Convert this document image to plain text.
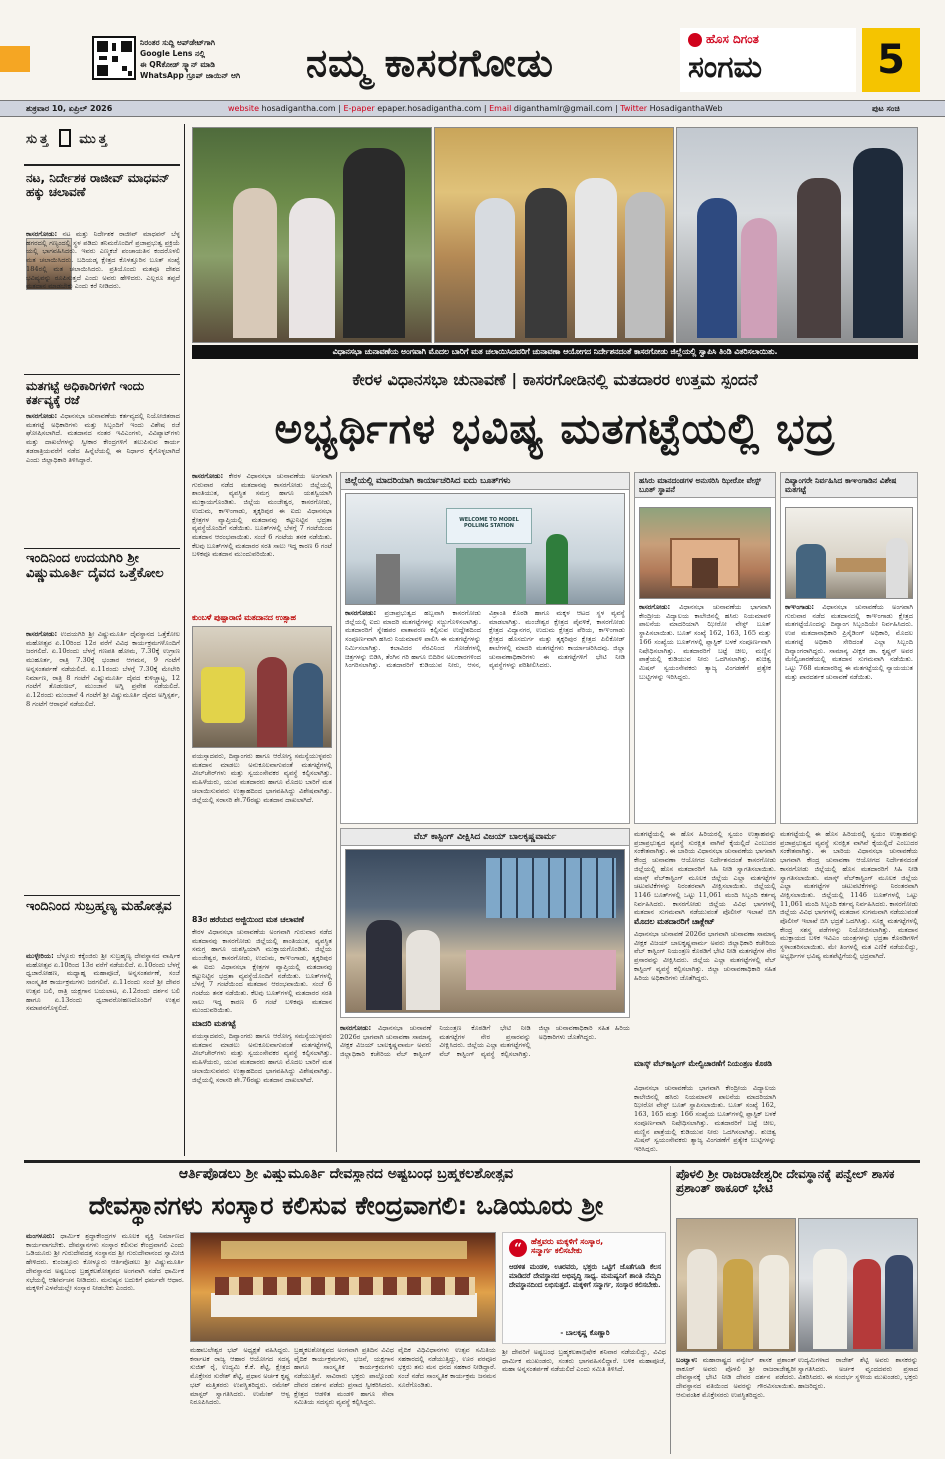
ನಿರಂತರ ಸುದ್ದಿ ಅಪ್‌ಡೇಟ್‌ಗಾಗಿ
Google Lens ನಲ್ಲಿ
ಈ QRಕೋಡ್ ಸ್ಕ್ಯಾನ್ ಮಾಡಿ
WhatsApp ಗ್ರೂಪ್ ಜಾಯಿನ್ ಆಗಿ	ನಮ್ಮ ಕಾಸರಗೋಡು
ಹೊಸ ದಿಗಂತ
ಸಂಗಮ	5
ಶುಕ್ರವಾರ 10, ಏಪ್ರಿಲ್ 2026	website hosadigantha.com | E-paper epaper.hosadigantha.com | Email diganthamlr@gmail.com | Twitter HosadiganthaWeb	ಪುಟ ಸಂಚಿ
ಸುತ್ತ ಮುತ್ತ
ನಟ, ನಿರ್ದೇಶಕ ರಾಜೀವ್ ಮಾಧವನ್ ಹಕ್ಕು ಚಲಾವಣೆ
ಕಾಸರಗೋಡು: ನಟ ಮತ್ತು ನಿರ್ದೇಶಕ ರಾಜೀವ್ ಮಾಧವನ್ ಬೆಳ್ಳ ಹಗರದಲ್ಲಿ ಗಣ್ಯಂದಲ್ಲಿ ಸ್ಥಳ ಪಡಿದು ತನಿಮರೊಂದಿಗೆ ಪ್ರಜಾಪ್ರಭುತ್ವ ಪ್ರಕ್ರಿಯೆ ಯಲ್ಲಿ ಭಾಗವಹಿಸಿದರು. ಇವರು ಎಣ್ಮಕಜೆ ಪಂಚಾಯತಿನ ಕಂದರೊಳಲಿ ಮತ ಚಲಾಯಿಸಿದರು. ಬದಿಯಡ್ಕ ಕ್ಷೇತ್ರದ ಕೊಳತ್ತೂರಿನ ಬೂತ್ ಸಂಖ್ಯೆ 184ರಲ್ಲಿ ಮತ ಚಲಾಯಿಸಿದರು. ಪ್ರತಿಯೊಂದು ಮತವೂ ದೇಶದ ಭವಿಷ್ಯವನ್ನು ರೂಪಿಸುತ್ತದೆ ಎಂದು ಅವರು ಹೇಳಿದರು. ಎಲ್ಲರೂ ತಪ್ಪದೆ ಮತದಾನ ಮಾಡಬೇಕು ಎಂದು ಕರೆ ನೀಡಿದರು.
ಮತಗಟ್ಟೆ ಅಧಿಕಾರಿಗಳಿಗೆ ಇಂದು ಕರ್ತವ್ಯಕ್ಕೆ ರಜೆ
ಕಾಸರಗೋಡು: ವಿಧಾನಸಭಾ ಚುನಾವಣೆಯ ಕರ್ತವ್ಯದಲ್ಲಿ ನಿಯೋಜಿತರಾದ ಮತಗಟ್ಟೆ ಅಧಿಕಾರಿಗಳು ಮತ್ತು ಸಿಬ್ಬಂದಿಗೆ ಇಂದು ವಿಶೇಷ ರಜೆ ಘೋಷಿಸಲಾಗಿದೆ. ಮತದಾನದ ನಂತರ ಇವಿಎಂಗಳು, ವಿವಿಪ್ಯಾಟ್‌ಗಳು ಮತ್ತು ದಾಖಲೆಗಳನ್ನು ಸ್ವೀಕಾರ ಕೇಂದ್ರಗಳಿಗೆ ತಲುಪಿಸುವ ಕಾರ್ಯ ತಡರಾತ್ರಿಯವರೆಗೆ ನಡೆದ ಹಿನ್ನೆಲೆಯಲ್ಲಿ ಈ ನಿರ್ಧಾರ ಕೈಗೊಳ್ಳಲಾಗಿದೆ ಎಂದು ಜಿಲ್ಲಾಧಿಕಾರಿ ತಿಳಿಸಿದ್ದಾರೆ.
ಇಂದಿನಿಂದ ಉದಯಗಿರಿ ಶ್ರೀ ವಿಷ್ಣುಮೂರ್ತಿ ದೈವದ ಒತ್ತೆಕೋಲ
ಕಾಸರಗೋಡು: ಉದಯಗಿರಿ ಶ್ರೀ ವಿಷ್ಣುಮೂರ್ತಿ ದೈವಸ್ಥಾನದ ಒತ್ತೆಕೋಲ ಮಹೋತ್ಸವ ಏ.10ರಿಂದ 12ರ ವರೆಗೆ ವಿವಿಧ ಕಾರ್ಯಕ್ರಮಗಳೊಂದಿಗೆ ಜರಗಲಿದೆ. ಏ.10ರಂದು ಬೆಳಗ್ಗೆ ಗಣಪತಿ ಹೋಮ, 7.30ಕ್ಕೆ ಉಗ್ರಾಣ ಮುಹೂರ್ತ, ರಾತ್ರಿ 7.30ಕ್ಕೆ ಭಂಡಾರ ಆಗಮನ, 9 ಗಂಟೆಗೆ ಅನ್ನಸಂತರ್ಪಣೆ ನಡೆಯಲಿದೆ. ಏ.11ರಂದು ಬೆಳಗ್ಗೆ 7.30ಕ್ಕೆ ಮೇಲೇರಿ ನಿರ್ಮಾಣ, ರಾತ್ರಿ 8 ಗಂಟೆಗೆ ವಿಷ್ಣುಮೂರ್ತಿ ದೈವದ ಕುಳಿಚ್ಚಾಟ್ಟ, 12 ಗಂಟೆಗೆ ತೊಡಂಙಲ್, ಮುಂಜಾನೆ ಅಗ್ನಿ ಪ್ರವೇಶ ನಡೆಯಲಿದೆ. ಏ.12ರಂದು ಮುಂಜಾನೆ 4 ಗಂಟೆಗೆ ಶ್ರೀ ವಿಷ್ಣುಮೂರ್ತಿ ದೈವದ ಅಗ್ನಿಸ್ಪರ್ಶ, 8 ಗಂಟೆಗೆ ಆರಾಧನೆ ನಡೆಯಲಿದೆ.
ಇಂದಿನಿಂದ ಸುಬ್ರಹ್ಮಣ್ಯ ಮಹೋತ್ಸವ
ಮುಳ್ಳೇರಿಯ: ಬೆಳ್ಳೂರು ಕಕ್ಕೆಂಜಿರು ಶ್ರೀ ಸುಬ್ರಹ್ಮಣ್ಯ ದೇವಸ್ಥಾನದ ವಾರ್ಷಿಕ ಮಹೋತ್ಸವ ಏ.10ರಿಂದ 13ರ ವರೆಗೆ ನಡೆಯಲಿದೆ. ಏ.10ರಂದು ಬೆಳಗ್ಗೆ ಧ್ವಜಾರೋಹಣ, ಮಧ್ಯಾಹ್ನ ಮಹಾಪೂಜೆ, ಅನ್ನಸಂತರ್ಪಣೆ, ಸಂಜೆ ಸಾಂಸ್ಕೃತಿಕ ಕಾರ್ಯಕ್ರಮಗಳು ಜರಗಲಿವೆ. ಏ.11ರಂದು ಸಂಜೆ ಶ್ರೀ ದೇವರ ಉತ್ಸವ ಬಲಿ, ರಾತ್ರಿ ಯಕ್ಷಗಾನ ಬಯಲಾಟ, ಏ.12ರಂದು ದರ್ಶನ ಬಲಿ ಹಾಗೂ ಏ.13ರಂದು ಧ್ವಜಾವರೋಹಣದೊಂದಿಗೆ ಉತ್ಸವ ಸಮಾಪನಗೊಳ್ಳಲಿದೆ.
ವಿಧಾನಸಭಾ ಚುನಾವಣೆಯ ಅಂಗವಾಗಿ ಮೊದಲ ಬಾರಿಗೆ ಮತ ಚಲಾಯಿಸಿದವರಿಗೆ ಚುನಾವಣಾ ಆಯೋಗದ ನಿರ್ದೇಶನದಂತೆ ಕಾಸರಗೋಡು ಜಿಲ್ಲೆಯಲ್ಲಿ ಸ್ವಾಪಿಸಿ ತಿಂಡಿ ವಿತರಿಸಲಾಯಿತು.
ಕೇರಳ ವಿಧಾನಸಭಾ ಚುನಾವಣೆ | ಕಾಸರಗೋಡಿನಲ್ಲಿ ಮತದಾರರ ಉತ್ತಮ ಸ್ಪಂದನೆ
ಅಭ್ಯರ್ಥಿಗಳ ಭವಿಷ್ಯ ಮತಗಟ್ಟೆಯಲ್ಲಿ ಭದ್ರ
ಕಾಸರಗೋಡು: ಕೇರಳ ವಿಧಾನಸಭಾ ಚುನಾವಣೆಯ ಅಂಗವಾಗಿ ಗುರುವಾರ ನಡೆದ ಮತದಾನವು ಕಾಸರಗೋಡು ಜಿಲ್ಲೆಯಲ್ಲಿ ಶಾಂತಿಯುತ, ವ್ಯವಸ್ಥಿತ ಸಮಗ್ರ ಹಾಗೂ ಯಶಸ್ವಿಯಾಗಿ ಮುಕ್ತಾಯಗೊಂಡಿತು. ಜಿಲ್ಲೆಯ ಮಂಜೇಶ್ವರ, ಕಾಸರಗೋಡು, ಉದುಮ, ಕಾಞಂಗಾಡು, ತೃಕ್ಕರಿಪುರ ಈ ಐದು ವಿಧಾನಸಭಾ ಕ್ಷೇತ್ರಗಳ ವ್ಯಾಪ್ತಿಯಲ್ಲಿ ಮತದಾನವು ಕಟ್ಟುನಿಟ್ಟಿನ ಭದ್ರತಾ ವ್ಯವಸ್ಥೆಯೊಂದಿಗೆ ನಡೆಯಿತು. ಬೂತ್‌ಗಳಲ್ಲಿ ಬೆಳಗ್ಗೆ 7 ಗಂಟೆಯಿಂದ ಮತದಾನ ಆರಂಭವಾಯಿತು. ಸಂಜೆ 6 ಗಂಟೆಯ ತನಕ ನಡೆಯಿತು. ಕೆಲವು ಬೂತ್‌ಗಳಲ್ಲಿ ಮತದಾರರ ಸರತಿ ಸಾಲು ಇದ್ದ ಕಾರಣ 6 ಗಂಟೆ ಬಳಿಕವೂ ಮತದಾನ ಮುಂದುವರಿಯಿತು.
ಕುಂಬಳೆ ಪುಷ್ಪಾರಾಣಿ ಮತದಾನದ ಉತ್ಸಾಹ
ವಯಸ್ಸಾದವರು, ದಿವ್ಯಾಂಗರು ಹಾಗೂ ಆರೋಗ್ಯ ಸಮಸ್ಯೆಯುಳ್ಳವರು ಮತದಾನ ಮಾಡಲು ಅನುಕೂಲವಾಗುವಂತೆ ಮತಗಟ್ಟೆಗಳಲ್ಲಿ ವೀಲ್‌ಚೇರ್‌ಗಳು ಮತ್ತು ಸ್ವಯಂಸೇವಕರ ವ್ಯವಸ್ಥೆ ಕಲ್ಪಿಸಲಾಗಿತ್ತು. ಮಹಿಳೆಯರು, ಯುವ ಮತದಾರರು ಹಾಗೂ ಮೊದಲ ಬಾರಿಗೆ ಮತ ಚಲಾಯಿಸುವವರು ಉತ್ಸಾಹದಿಂದ ಭಾಗವಹಿಸಿದ್ದು ವಿಶೇಷವಾಗಿತ್ತು. ಜಿಲ್ಲೆಯಲ್ಲಿ ಸರಾಸರಿ ಶೇ.76ರಷ್ಟು ಮತದಾನ ದಾಖಲಾಗಿದೆ.
83ರ ಹರೆಯದ ಅಜ್ಜಿಯಿಂದ ಮತ ಚಲಾವಣೆ
ಕೇರಳ ವಿಧಾನಸಭಾ ಚುನಾವಣೆಯ ಅಂಗವಾಗಿ ಗುರುವಾರ ನಡೆದ ಮತದಾನವು ಕಾಸರಗೋಡು ಜಿಲ್ಲೆಯಲ್ಲಿ ಶಾಂತಿಯುತ, ವ್ಯವಸ್ಥಿತ ಸಮಗ್ರ ಹಾಗೂ ಯಶಸ್ವಿಯಾಗಿ ಮುಕ್ತಾಯಗೊಂಡಿತು. ಜಿಲ್ಲೆಯ ಮಂಜೇಶ್ವರ, ಕಾಸರಗೋಡು, ಉದುಮ, ಕಾಞಂಗಾಡು, ತೃಕ್ಕರಿಪುರ ಈ ಐದು ವಿಧಾನಸಭಾ ಕ್ಷೇತ್ರಗಳ ವ್ಯಾಪ್ತಿಯಲ್ಲಿ ಮತದಾನವು ಕಟ್ಟುನಿಟ್ಟಿನ ಭದ್ರತಾ ವ್ಯವಸ್ಥೆಯೊಂದಿಗೆ ನಡೆಯಿತು. ಬೂತ್‌ಗಳಲ್ಲಿ ಬೆಳಗ್ಗೆ 7 ಗಂಟೆಯಿಂದ ಮತದಾನ ಆರಂಭವಾಯಿತು. ಸಂಜೆ 6 ಗಂಟೆಯ ತನಕ ನಡೆಯಿತು. ಕೆಲವು ಬೂತ್‌ಗಳಲ್ಲಿ ಮತದಾರರ ಸರತಿ ಸಾಲು ಇದ್ದ ಕಾರಣ 6 ಗಂಟೆ ಬಳಿಕವೂ ಮತದಾನ ಮುಂದುವರಿಯಿತು.
ಮಾದರಿ ಮತಗಟ್ಟೆ
ವಯಸ್ಸಾದವರು, ದಿವ್ಯಾಂಗರು ಹಾಗೂ ಆರೋಗ್ಯ ಸಮಸ್ಯೆಯುಳ್ಳವರು ಮತದಾನ ಮಾಡಲು ಅನುಕೂಲವಾಗುವಂತೆ ಮತಗಟ್ಟೆಗಳಲ್ಲಿ ವೀಲ್‌ಚೇರ್‌ಗಳು ಮತ್ತು ಸ್ವಯಂಸೇವಕರ ವ್ಯವಸ್ಥೆ ಕಲ್ಪಿಸಲಾಗಿತ್ತು. ಮಹಿಳೆಯರು, ಯುವ ಮತದಾರರು ಹಾಗೂ ಮೊದಲ ಬಾರಿಗೆ ಮತ ಚಲಾಯಿಸುವವರು ಉತ್ಸಾಹದಿಂದ ಭಾಗವಹಿಸಿದ್ದು ವಿಶೇಷವಾಗಿತ್ತು. ಜಿಲ್ಲೆಯಲ್ಲಿ ಸರಾಸರಿ ಶೇ.76ರಷ್ಟು ಮತದಾನ ದಾಖಲಾಗಿದೆ.
ಜಿಲ್ಲೆಯಲ್ಲಿ ಮಾದರಿಯಾಗಿ ಕಾರ್ಯಾಚರಿಸಿದ ಐದು ಬೂತ್‌ಗಳು
WELCOME TO MODEL POLLING STATION
ಕಾಸರಗೋಡು: ಪ್ರಜಾಪ್ರಭುತ್ವದ ಹಬ್ಬವಾಗಿ ಕಾಸರಗೋಡು ಜಿಲ್ಲೆಯಲ್ಲಿ ಐದು ಮಾದರಿ ಮತಗಟ್ಟೆಗಳನ್ನು ಸಜ್ಜುಗೊಳಿಸಲಾಗಿತ್ತು. ಮತದಾರರಿಗೆ ಸ್ನೇಹಪರ ವಾತಾವರಣ ಕಲ್ಪಿಸುವ ಉದ್ದೇಶದಿಂದ ಸಂಪೂರ್ಣವಾಗಿ ಹಸಿರು ನಿಯಮಾವಳಿ ಪಾಲಿಸಿ ಈ ಮತಗಟ್ಟೆಗಳನ್ನು ನಿರ್ಮಿಸಲಾಗಿತ್ತು. ಕಲಾವಿದರ ನೆರವಿನಿಂದ ಗೋಡೆಗಳಲ್ಲಿ ಚಿತ್ರಗಳನ್ನು ಬಿಡಿಸಿ, ತೆಂಗಿನ ಗರಿ ಹಾಗೂ ಬಿದಿರಿನ ಅಲಂಕಾರಗಳಿಂದ ಸಿಂಗರಿಸಲಾಗಿತ್ತು. ಮತದಾರರಿಗೆ ಕುಡಿಯುವ ನೀರು, ಆಸನ, ವಿಶ್ರಾಂತಿ ಕೊಠಡಿ ಹಾಗೂ ಮಕ್ಕಳ ಆಟದ ಸ್ಥಳ ವ್ಯವಸ್ಥೆ ಮಾಡಲಾಗಿತ್ತು. ಮಂಜೇಶ್ವರ ಕ್ಷೇತ್ರದ ಪೈವಳಿಕೆ, ಕಾಸರಗೋಡು ಕ್ಷೇತ್ರದ ವಿದ್ಯಾನಗರ, ಉದುಮ ಕ್ಷೇತ್ರದ ಪೆರಿಯ, ಕಾಞಂಗಾಡು ಕ್ಷೇತ್ರದ ಹೊಸದುರ್ಗ ಮತ್ತು ತೃಕ್ಕರಿಪುರ ಕ್ಷೇತ್ರದ ಪಿಲಿಕೋಡ್ ಶಾಲೆಗಳಲ್ಲಿ ಮಾದರಿ ಮತಗಟ್ಟೆಗಳು ಕಾರ್ಯಾಚರಿಸಿದವು. ಜಿಲ್ಲಾ ಚುನಾವಣಾಧಿಕಾರಿಗಳು ಈ ಮತಗಟ್ಟೆಗಳಿಗೆ ಭೇಟಿ ನೀಡಿ ವ್ಯವಸ್ಥೆಗಳನ್ನು ಪರಿಶೀಲಿಸಿದರು.
ಹಸಿರು ಮಾನದಂಡಗಳ ಅನುಸರಿಸಿ ಝೀರೋ ವೇಸ್ಟ್ ಬೂತ್ ಸ್ಥಾಪನೆ
ಕಾಸರಗೋಡು: ವಿಧಾನಸಭಾ ಚುನಾವಣೆಯ ಭಾಗವಾಗಿ ಕೇಂದ್ರೀಯ ವಿದ್ಯಾಲಯ ಕಾಲೇಜಿನಲ್ಲಿ ಹಸಿರು ನಿಯಮಾವಳಿ ಪಾಲನೆಯ ಮಾದರಿಯಾಗಿ ಝೀರೋ ವೇಸ್ಟ್ ಬೂತ್ ಸ್ಥಾಪಿಸಲಾಯಿತು. ಬೂತ್ ಸಂಖ್ಯೆ 162, 163, 165 ಮತ್ತು 166 ಸಂಖ್ಯೆಯ ಬೂತ್‌ಗಳಲ್ಲಿ ಪ್ಲಾಸ್ಟಿಕ್ ಬಳಕೆ ಸಂಪೂರ್ಣವಾಗಿ ನಿಷೇಧಿಸಲಾಗಿತ್ತು. ಮತದಾರರಿಗೆ ಬಟ್ಟೆ ಚೀಲ, ಮಣ್ಣಿನ ಪಾತ್ರೆಯಲ್ಲಿ ಕುಡಿಯುವ ನೀರು ಒದಗಿಸಲಾಗಿತ್ತು. ಶುಚಿತ್ವ ಮಿಷನ್ ಸ್ವಯಂಸೇವಕರು ತ್ಯಾಜ್ಯ ವಿಂಗಡಣೆಗೆ ಪ್ರತ್ಯೇಕ ಬುಟ್ಟಿಗಳನ್ನು ಇರಿಸಿದ್ದರು.
ದಿವ್ಯಾಂಗರೇ ನಿರ್ವಹಿಸಿದ ಕಾಞಂಗಾಡಿನ ವಿಶೇಷ ಮತಗಟ್ಟೆ
ಕಾಞಂಗಾಡು: ವಿಧಾನಸಭಾ ಚುನಾವಣೆಯ ಅಂಗವಾಗಿ ಗುರುವಾರ ನಡೆದ ಮತದಾನದಲ್ಲಿ ಕಾಞಂಗಾಡು ಕ್ಷೇತ್ರದ ಮತಗಟ್ಟೆಯೊಂದನ್ನು ದಿವ್ಯಾಂಗ ಸಿಬ್ಬಂದಿಯೇ ನಿರ್ವಹಿಸಿದರು. ಉಪ ಮತದಾನಾಧಿಕಾರಿ ಪ್ರಿಸೈಡಿಂಗ್ ಅಧಿಕಾರಿ, ಮೊದಲ ಮತಗಟ್ಟೆ ಅಧಿಕಾರಿ ಸೇರಿದಂತೆ ಎಲ್ಲಾ ಸಿಬ್ಬಂದಿ ದಿವ್ಯಾಂಗರಾಗಿದ್ದರು. ಸಾಮಾನ್ಯ ವೀಕ್ಷಕ ಡಾ. ಕೃಷ್ಣನ್ ಅವರ ಮೇಲ್ವಿಚಾರಣೆಯಲ್ಲಿ ಮತದಾನ ಸುಗಮವಾಗಿ ನಡೆಯಿತು. ಒಟ್ಟು 768 ಮತದಾರರಿದ್ದ ಈ ಮತಗಟ್ಟೆಯಲ್ಲಿ ನ್ಯಾಯಯುತ ಮತ್ತು ಪಾರದರ್ಶಕ ಚುನಾವಣೆ ನಡೆಯಿತು.
ವೆಬ್ ಕಾಸ್ಟಿಂಗ್ ವೀಕ್ಷಿಸಿದ ವಿಜಯ್ ಬಾಲಕೃಷ್ಣವಾರ್ಮ
ಕಾಸರಗೋಡು: ವಿಧಾನಸಭಾ ಚುನಾವಣೆ 2026ರ ಭಾಗವಾಗಿ ಚುನಾವಣಾ ಸಾಮಾನ್ಯ ವೀಕ್ಷಕ ವಿಜಯ್ ಬಾಲಕೃಷ್ಣವಾರ್ಮ ಅವರು ಜಿಲ್ಲಾಧಿಕಾರಿ ಕಚೇರಿಯ ವೆಬ್ ಕಾಸ್ಟಿಂಗ್ ನಿಯಂತ್ರಣ ಕೊಠಡಿಗೆ ಭೇಟಿ ನೀಡಿ ಮತಗಟ್ಟೆಗಳ ನೇರ ಪ್ರಸಾರವನ್ನು ವೀಕ್ಷಿಸಿದರು. ಜಿಲ್ಲೆಯ ಎಲ್ಲಾ ಮತಗಟ್ಟೆಗಳಲ್ಲಿ ವೆಬ್ ಕಾಸ್ಟಿಂಗ್ ವ್ಯವಸ್ಥೆ ಕಲ್ಪಿಸಲಾಗಿತ್ತು. ಜಿಲ್ಲಾ ಚುನಾವಣಾಧಿಕಾರಿ ಸಹಿತ ಹಿರಿಯ ಅಧಿಕಾರಿಗಳು ಜೊತೆಗಿದ್ದರು.
ಮತಗಟ್ಟೆಯಲ್ಲಿ ಈ ಹೊಸ ಹಿರಿಯರಲ್ಲಿ ಸ್ವಯಂ ಉತ್ಸಾಹವನ್ನು ಪ್ರಜಾಪ್ರಭುತ್ವದ ವ್ಯವಸ್ಥೆ ಸುರಕ್ಷಿತ ವಾಗಿವೆ ಕೈಯಲ್ಲಿದೆ ಎಂಬುದರ ಸಂಕೇತವಾಗಿತ್ತು. ಈ ಬಾರಿಯ ವಿಧಾನಸಭಾ ಚುನಾವಣೆಯ ಭಾಗವಾಗಿ ಕೇಂದ್ರ ಚುನಾವಣಾ ಆಯೋಗದ ನಿರ್ದೇಶನದಂತೆ ಕಾಸರಗೋಡು ಜಿಲ್ಲೆಯಲ್ಲಿ ಹೊಸ ಮತದಾರರಿಗೆ ಸಿಹಿ ನೀಡಿ ಸ್ವಾಗತಿಸಲಾಯಿತು. ಮಾಸ್ಕ್ ವೆಬ್‌ಕಾಸ್ಟಿಂಗ್ ಮೂಲಕ ಜಿಲ್ಲೆಯ ಎಲ್ಲಾ ಮತಗಟ್ಟೆಗಳ ಚಟುವಟಿಕೆಗಳನ್ನು ನಿರಂತರವಾಗಿ ವೀಕ್ಷಿಸಲಾಯಿತು. ಜಿಲ್ಲೆಯಲ್ಲಿ 1146 ಬೂತ್‌ಗಳಲ್ಲಿ ಒಟ್ಟು 11,061 ಮಂದಿ ಸಿಬ್ಬಂದಿ ಕರ್ತವ್ಯ ನಿರ್ವಹಿಸಿದರು. ಕಾಸರಗೋಡು ಜಿಲ್ಲೆಯ ವಿವಿಧ ಭಾಗಗಳಲ್ಲಿ ಮತದಾನ ಸುಗಮವಾಗಿ ನಡೆಯುವಂತೆ ಪೊಲೀಸ್ ಇಲಾಖೆ ಬಿಗಿ
ಮೊದಲ ಮತದಾರರಿಗೆ ಚಾಕ್ಲೇಟ್
ವಿಧಾನಸಭಾ ಚುನಾವಣೆ 2026ರ ಭಾಗವಾಗಿ ಚುನಾವಣಾ ಸಾಮಾನ್ಯ ವೀಕ್ಷಕ ವಿಜಯ್ ಬಾಲಕೃಷ್ಣವಾರ್ಮ ಅವರು ಜಿಲ್ಲಾಧಿಕಾರಿ ಕಚೇರಿಯ ವೆಬ್ ಕಾಸ್ಟಿಂಗ್ ನಿಯಂತ್ರಣ ಕೊಠಡಿಗೆ ಭೇಟಿ ನೀಡಿ ಮತಗಟ್ಟೆಗಳ ನೇರ ಪ್ರಸಾರವನ್ನು ವೀಕ್ಷಿಸಿದರು. ಜಿಲ್ಲೆಯ ಎಲ್ಲಾ ಮತಗಟ್ಟೆಗಳಲ್ಲಿ ವೆಬ್ ಕಾಸ್ಟಿಂಗ್ ವ್ಯವಸ್ಥೆ ಕಲ್ಪಿಸಲಾಗಿತ್ತು. ಜಿಲ್ಲಾ ಚುನಾವಣಾಧಿಕಾರಿ ಸಹಿತ ಹಿರಿಯ ಅಧಿಕಾರಿಗಳು ಜೊತೆಗಿದ್ದರು.
ಮಾಸ್ಕ್ ವೆಬ್‌ಕಾಸ್ಟಿಂಗ್ ಮೇಲ್ವಿಚಾರಣೆಗೆ ನಿಯಂತ್ರಣ ಕೊಠಡಿ
ವಿಧಾನಸಭಾ ಚುನಾವಣೆಯ ಭಾಗವಾಗಿ ಕೇಂದ್ರೀಯ ವಿದ್ಯಾಲಯ ಕಾಲೇಜಿನಲ್ಲಿ ಹಸಿರು ನಿಯಮಾವಳಿ ಪಾಲನೆಯ ಮಾದರಿಯಾಗಿ ಝೀರೋ ವೇಸ್ಟ್ ಬೂತ್ ಸ್ಥಾಪಿಸಲಾಯಿತು. ಬೂತ್ ಸಂಖ್ಯೆ 162, 163, 165 ಮತ್ತು 166 ಸಂಖ್ಯೆಯ ಬೂತ್‌ಗಳಲ್ಲಿ ಪ್ಲಾಸ್ಟಿಕ್ ಬಳಕೆ ಸಂಪೂರ್ಣವಾಗಿ ನಿಷೇಧಿಸಲಾಗಿತ್ತು. ಮತದಾರರಿಗೆ ಬಟ್ಟೆ ಚೀಲ, ಮಣ್ಣಿನ ಪಾತ್ರೆಯಲ್ಲಿ ಕುಡಿಯುವ ನೀರು ಒದಗಿಸಲಾಗಿತ್ತು. ಶುಚಿತ್ವ ಮಿಷನ್ ಸ್ವಯಂಸೇವಕರು ತ್ಯಾಜ್ಯ ವಿಂಗಡಣೆಗೆ ಪ್ರತ್ಯೇಕ ಬುಟ್ಟಿಗಳನ್ನು ಇರಿಸಿದ್ದರು.
ಮತಗಟ್ಟೆಯಲ್ಲಿ ಈ ಹೊಸ ಹಿರಿಯರಲ್ಲಿ ಸ್ವಯಂ ಉತ್ಸಾಹವನ್ನು ಪ್ರಜಾಪ್ರಭುತ್ವದ ವ್ಯವಸ್ಥೆ ಸುರಕ್ಷಿತ ವಾಗಿವೆ ಕೈಯಲ್ಲಿದೆ ಎಂಬುದರ ಸಂಕೇತವಾಗಿತ್ತು. ಈ ಬಾರಿಯ ವಿಧಾನಸಭಾ ಚುನಾವಣೆಯ ಭಾಗವಾಗಿ ಕೇಂದ್ರ ಚುನಾವಣಾ ಆಯೋಗದ ನಿರ್ದೇಶನದಂತೆ ಕಾಸರಗೋಡು ಜಿಲ್ಲೆಯಲ್ಲಿ ಹೊಸ ಮತದಾರರಿಗೆ ಸಿಹಿ ನೀಡಿ ಸ್ವಾಗತಿಸಲಾಯಿತು. ಮಾಸ್ಕ್ ವೆಬ್‌ಕಾಸ್ಟಿಂಗ್ ಮೂಲಕ ಜಿಲ್ಲೆಯ ಎಲ್ಲಾ ಮತಗಟ್ಟೆಗಳ ಚಟುವಟಿಕೆಗಳನ್ನು ನಿರಂತರವಾಗಿ ವೀಕ್ಷಿಸಲಾಯಿತು. ಜಿಲ್ಲೆಯಲ್ಲಿ 1146 ಬೂತ್‌ಗಳಲ್ಲಿ ಒಟ್ಟು 11,061 ಮಂದಿ ಸಿಬ್ಬಂದಿ ಕರ್ತವ್ಯ ನಿರ್ವಹಿಸಿದರು. ಕಾಸರಗೋಡು ಜಿಲ್ಲೆಯ ವಿವಿಧ ಭಾಗಗಳಲ್ಲಿ ಮತದಾನ ಸುಗಮವಾಗಿ ನಡೆಯುವಂತೆ ಪೊಲೀಸ್ ಇಲಾಖೆ ಬಿಗಿ ಭದ್ರತೆ ಒದಗಿಸಿತ್ತು. ಸೂಕ್ಷ್ಮ ಮತಗಟ್ಟೆಗಳಲ್ಲಿ ಕೇಂದ್ರ ಸಶಸ್ತ್ರ ಪಡೆಗಳನ್ನು ನಿಯೋಜಿಸಲಾಗಿತ್ತು. ಮತದಾನ ಮುಕ್ತಾಯದ ಬಳಿಕ ಇವಿಎಂ ಯಂತ್ರಗಳನ್ನು ಭದ್ರತಾ ಕೊಠಡಿಗಳಿಗೆ ಸ್ಥಳಾಂತರಿಸಲಾಯಿತು. ಮೇ ತಿಂಗಳಲ್ಲಿ ಮತ ಎಣಿಕೆ ನಡೆಯಲಿದ್ದು, ಅಭ್ಯರ್ಥಿಗಳ ಭವಿಷ್ಯ ಮತಪೆಟ್ಟಿಗೆಯಲ್ಲಿ ಭದ್ರವಾಗಿದೆ.
ಆರ್ತಿಪೊಡಲು ಶ್ರೀ ವಿಷ್ಣುಮೂರ್ತಿ ದೇವಸ್ಥಾನದ ಅಷ್ಟಬಂಧ ಬ್ರಹ್ಮಕಲಶೋತ್ಸವ
ದೇವಸ್ಥಾನಗಳು ಸಂಸ್ಕಾರ ಕಲಿಸುವ ಕೇಂದ್ರವಾಗಲಿ: ಒಡಿಯೂರು ಶ್ರೀ
ಮಂಗಳೂರು: ಧಾರ್ಮಿಕ ಶ್ರದ್ಧಾಕೇಂದ್ರಗಳ ಮೂಲಕ ವ್ಯಕ್ತಿ ನಿರ್ಮಾಣದ ಕಾರ್ಯವಾಗಬೇಕು. ದೇವಸ್ಥಾನಗಳು ಸಂಸ್ಕಾರ ಕಲಿಸುವ ಕೇಂದ್ರವಾಗಲಿ ಎಂದು ಒಡಿಯೂರು ಶ್ರೀ ಗುರುದೇವದತ್ತ ಸಂಸ್ಥಾನದ ಶ್ರೀ ಗುರುದೇವಾನಂದ ಸ್ವಾಮೀಜಿ ಹೇಳಿದರು. ಕುಂಜತ್ತೂರು ಕೋಳ್ಯೂರು ಆರ್ತಿಪೊಡಲು ಶ್ರೀ ವಿಷ್ಣುಮೂರ್ತಿ ದೇವಸ್ಥಾನದ ಅಷ್ಟಬಂಧ ಬ್ರಹ್ಮಕಲಶೋತ್ಸವದ ಅಂಗವಾಗಿ ನಡೆದ ಧಾರ್ಮಿಕ ಸಭೆಯಲ್ಲಿ ಆಶೀರ್ವಚನ ನೀಡಿದರು. ಮನುಷ್ಯನ ಬದುಕಿಗೆ ಧರ್ಮವೇ ಆಧಾರ. ಮಕ್ಕಳಿಗೆ ಎಳವೆಯಲ್ಲೇ ಸಂಸ್ಕಾರ ನೀಡಬೇಕು ಎಂದರು.
ಮಹಾಬಲೇಶ್ವರ ಭಟ್ ಅಧ್ಯಕ್ಷತೆ ವಹಿಸಿದ್ದರು. ಕರ್ನಾಟಕ ರಾಜ್ಯ ಆಹಾರ ಆಯೋಗದ ಸದಸ್ಯ ಸುಜಿತ್ ರೈ, ಉದ್ಯಮಿ ಕೆ.ಕೆ. ಶೆಟ್ಟಿ, ಕ್ಷೇತ್ರದ ಮೊಕ್ತೇಸರ ಸುರೇಶ್ ಶೆಟ್ಟಿ, ಪ್ರಧಾನ ಅರ್ಚಕ ಕೃಷ್ಣ ಭಟ್ ಮತ್ತಿತರರು ಉಪಸ್ಥಿತರಿದ್ದರು. ರಮೇಶ್ ಮಾಸ್ಟರ್ ಸ್ವಾಗತಿಸಿದರು. ಉಮೇಶ್ ಆಳ್ವ ನಿರೂಪಿಸಿದರು.
ಬ್ರಹ್ಮಕಲಶೋತ್ಸವದ ಅಂಗವಾಗಿ ಪ್ರತಿದಿನ ವಿವಿಧ ವೈದಿಕ ಕಾರ್ಯಕ್ರಮಗಳು, ಭಜನೆ, ಯಕ್ಷಗಾನ ಹಾಗೂ ಸಾಂಸ್ಕೃತಿಕ ಕಾರ್ಯಕ್ರಮಗಳು ನಡೆಯುತ್ತಿವೆ. ಸಾವಿರಾರು ಭಕ್ತರು ಪಾಲ್ಗೊಂಡು ದೇವರ ದರ್ಶನ ಪಡೆದು ಪ್ರಸಾದ ಸ್ವೀಕರಿಸಿದರು. ಕ್ಷೇತ್ರದ ಆಡಳಿತ ಮಂಡಳಿ ಹಾಗೂ ಸೇವಾ ಸಮಿತಿಯ ಸದಸ್ಯರು ವ್ಯವಸ್ಥೆ ಕಲ್ಪಿಸಿದ್ದರು.
ವೈದಿಕ ವಿಧಿವಿಧಾನಗಳು ಉತ್ಸವ ಸಮಿತಿಯ ಸಹಕಾರದಲ್ಲಿ ನಡೆಯುತ್ತಿದ್ದು, ಊರ ಪರವೂರ ಭಕ್ತರು ತನು ಮನ ಧನದ ಸಹಕಾರ ನೀಡಿದ್ದಾರೆ. ಸಂಜೆ ನಡೆದ ಸಾಂಸ್ಕೃತಿಕ ಕಾರ್ಯಕ್ರಮ ಜನಮನ ಸೂರೆಗೊಂಡಿತು.
“	ಹೆತ್ತವರು ಮಕ್ಕಳಿಗೆ ಸಂಸ್ಕಾರ,
ಸನ್ಮಾರ್ಗ ಕಲಿಸಬೇಕು
ಆಡಳಿತ ಮಂಡಳಿ, ಊರವರು, ಭಕ್ತರು ಒಟ್ಟಿಗೆ ಜೊತೆಗೂಡಿ ಕೆಲಸ ಮಾಡಿದರೆ ದೇವಸ್ಥಾನದ ಅಭಿವೃದ್ಧಿ ಸಾಧ್ಯ. ಮನುಷ್ಯನಿಗೆ ಶಾಂತಿ ನೆಮ್ಮದಿ ದೇವಸ್ಥಾನದಿಂದ ಲಭಿಸುತ್ತದೆ. ಮಕ್ಕಳಿಗೆ ಸನ್ಮಾರ್ಗ, ಸಂಸ್ಕಾರ ಕಲಿಸಬೇಕು.
- ಬಾಲಕೃಷ್ಣ ಕೊಣ್ಣಾರಿ
ಶ್ರೀ ದೇವರಿಗೆ ಅಷ್ಟಬಂಧ ಬ್ರಹ್ಮಕಲಶಾಭಿಷೇಕ ಶನಿವಾರ ನಡೆಯಲಿದ್ದು, ವಿವಿಧ ಧಾರ್ಮಿಕ ಮುಖಂಡರು, ಸಂತರು ಭಾಗವಹಿಸಲಿದ್ದಾರೆ. ಬಳಿಕ ಮಹಾಪೂಜೆ, ಮಹಾ ಅನ್ನಸಂತರ್ಪಣೆ ನಡೆಯಲಿದೆ ಎಂದು ಸಮಿತಿ ತಿಳಿಸಿದೆ.
ಪೊಳಲಿ ಶ್ರೀ ರಾಜರಾಜೇಶ್ವರೀ ದೇವಸ್ಥಾನಕ್ಕೆ ಪನ್ವೇಲ್ ಶಾಸಕ ಪ್ರಶಾಂತ್ ಠಾಕೂರ್ ಭೇಟಿ
ಬಂಟ್ವಾಳ: ಮಹಾರಾಷ್ಟ್ರದ ಪನ್ವೇಲ್ ಶಾಸಕ ಪ್ರಶಾಂತ್ ಠಾಕೂರ್ ಅವರು ಪೊಳಲಿ ಶ್ರೀ ರಾಜರಾಜೇಶ್ವರೀ ದೇವಸ್ಥಾನಕ್ಕೆ ಭೇಟಿ ನೀಡಿ ದೇವರ ದರ್ಶನ ಪಡೆದರು. ದೇವಸ್ಥಾನದ ವತಿಯಿಂದ ಅವರನ್ನು ಗೌರವಿಸಲಾಯಿತು. ಆನುವಂಶಿಕ ಮೊಕ್ತೇಸರರು ಉಪಸ್ಥಿತರಿದ್ದರು.
ಉದ್ಯಮಿಗಳಾದ ರಾಜೇಶ್ ಶೆಟ್ಟಿ ಅವರು ಶಾಸಕರನ್ನು ಸ್ವಾಗತಿಸಿದರು. ಅರ್ಚಕ ವೃಂದದವರು ಪ್ರಸಾದ ವಿತರಿಸಿದರು. ಈ ಸಂದರ್ಭ ಸ್ಥಳೀಯ ಮುಖಂಡರು, ಭಕ್ತರು ಹಾಜರಿದ್ದರು.
